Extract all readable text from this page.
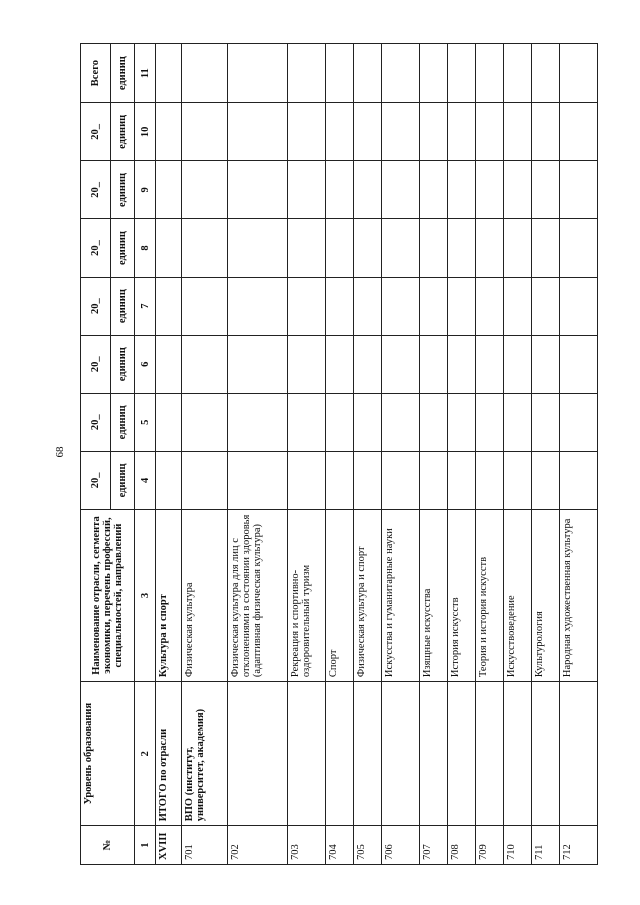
68
№	Уровень образования	Наименование отрасли, сегмента экономики, перечень профессий, специальностей, направлений	20_	20_	20_	20_	20_	20_	20_	Всего
			единиц	единиц	единиц	единиц	единиц	единиц	единиц	единиц
1	2	3	4	5	6	7	8	9	10	11
XVIII	ИТОГО по отрасли	Культура и спорт								
701	ВПО (институт, университет, академия)	Физическая культура								
702		Физическая культура для лиц с отклонениями в состоянии здоровья (адаптивная физическая культура)								
703		Рекреация и спортивно-оздоровительный туризм								
704		Спорт								
705		Физическая культура и спорт								
706		Искусства и гуманитарные науки								
707		Изящные искусства								
708		История искусств								
709		Теория и история искусств								
710		Искусствоведение								
711		Культурология								
712		Народная художественная культура								
